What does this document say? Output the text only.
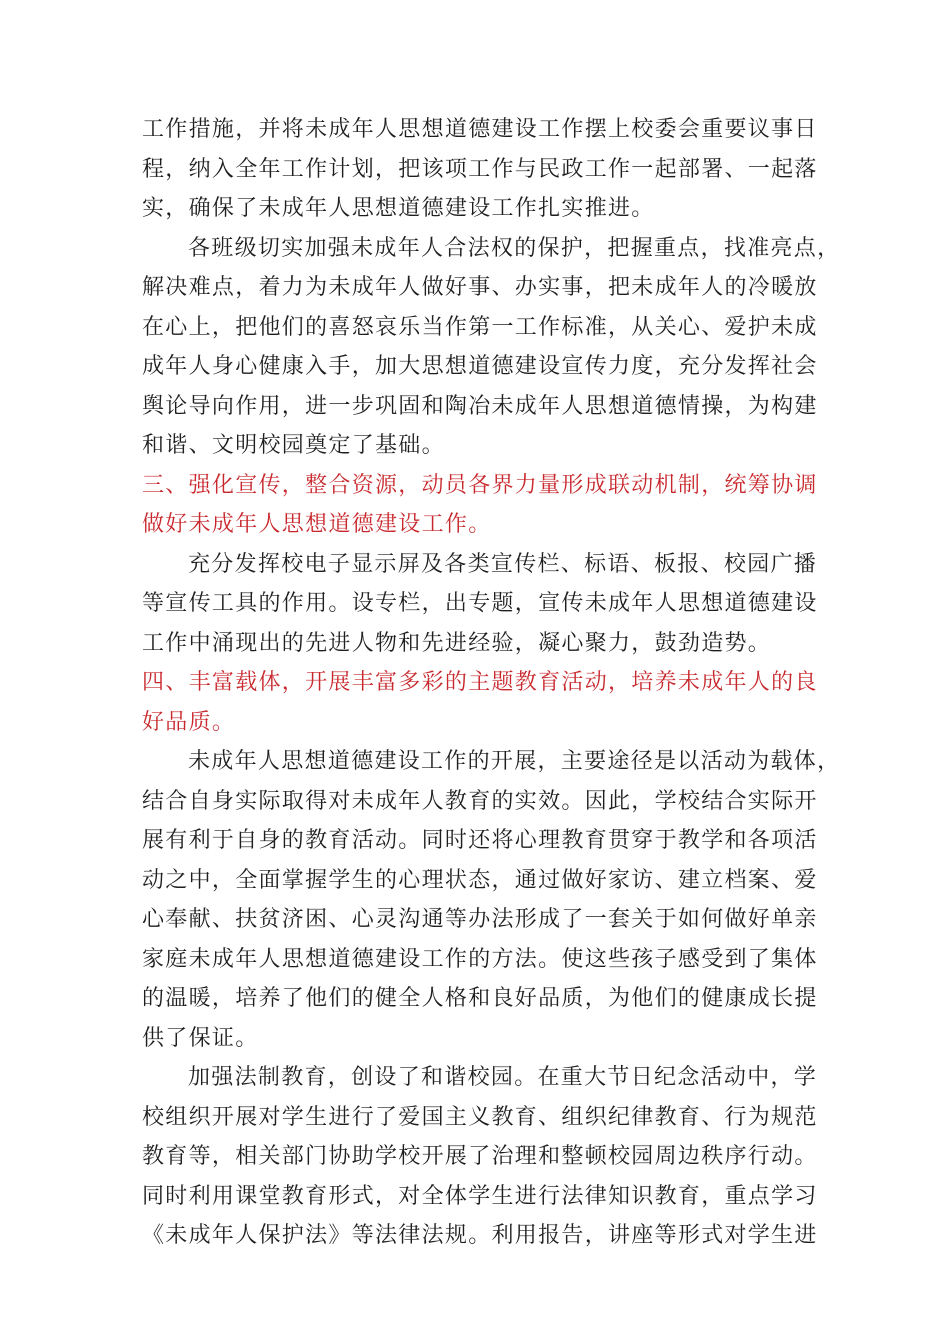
工作措施，并将未成年人思想道德建设工作摆上校委会重要议事日
程，纳入全年工作计划，把该项工作与民政工作一起部署、一起落
实，确保了未成年人思想道德建设工作扎实推进。
各班级切实加强未成年人合法权的保护，把握重点，找准亮点，
解决难点，着力为未成年人做好事、办实事，把未成年人的冷暖放
在心上，把他们的喜怒哀乐当作第一工作标准，从关心、爱护未成
成年人身心健康入手，加大思想道德建设宣传力度，充分发挥社会
舆论导向作用，进一步巩固和陶冶未成年人思想道德情操，为构建
和谐、文明校园奠定了基础。
三、强化宣传，整合资源，动员各界力量形成联动机制，统筹协调
做好未成年人思想道德建设工作。
充分发挥校电子显示屏及各类宣传栏、标语、板报、校园广播
等宣传工具的作用。设专栏，出专题，宣传未成年人思想道德建设
工作中涌现出的先进人物和先进经验，凝心聚力，鼓劲造势。
四、丰富载体，开展丰富多彩的主题教育活动，培养未成年人的良
好品质。
未成年人思想道德建设工作的开展，主要途径是以活动为载体，
结合自身实际取得对未成年人教育的实效。因此，学校结合实际开
展有利于自身的教育活动。同时还将心理教育贯穿于教学和各项活
动之中，全面掌握学生的心理状态，通过做好家访、建立档案、爱
心奉献、扶贫济困、心灵沟通等办法形成了一套关于如何做好单亲
家庭未成年人思想道德建设工作的方法。使这些孩子感受到了集体
的温暖，培养了他们的健全人格和良好品质，为他们的健康成长提
供了保证。
加强法制教育，创设了和谐校园。在重大节日纪念活动中，学
校组织开展对学生进行了爱国主义教育、组织纪律教育、行为规范
教育等，相关部门协助学校开展了治理和整顿校园周边秩序行动。
同时利用课堂教育形式，对全体学生进行法律知识教育，重点学习
《未成年人保护法》等法律法规。利用报告，讲座等形式对学生进
